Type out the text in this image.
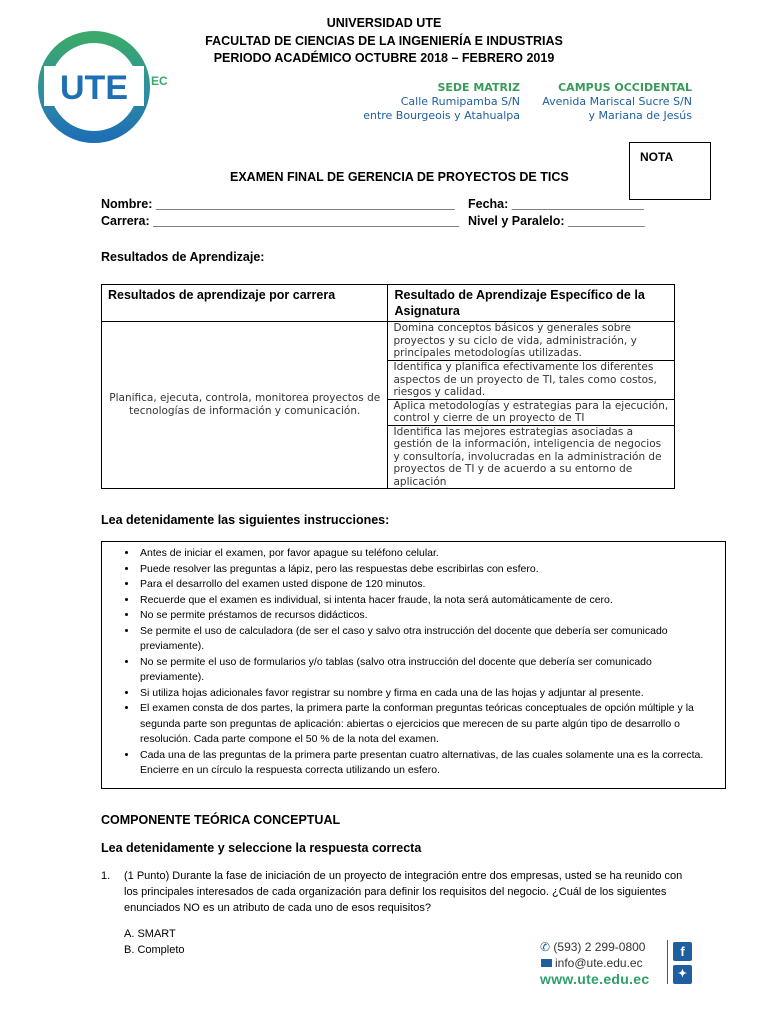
UTE EC
UNIVERSIDAD UTE
FACULTAD DE CIENCIAS DE LA INGENIERÍA E INDUSTRIAS
PERIODO ACADÉMICO OCTUBRE 2018 – FEBRERO 2019
SEDE MATRIZ
Calle Rumipamba S/N
entre Bourgeois y Atahualpa
CAMPUS OCCIDENTAL
Avenida Mariscal Sucre S/N
y Mariana de Jesús
NOTA
EXAMEN FINAL DE GERENCIA DE PROYECTOS DE TICS
Nombre: ___________________________________________ Fecha: ___________________
Carrera: ____________________________________________ Nivel y Paralelo: ___________
Resultados de Aprendizaje:
Resultados de aprendizaje por carrera	Resultado de Aprendizaje Específico de la Asignatura
Planifica, ejecuta, controla, monitorea proyectos de tecnologías de información y comunicación.	Domina conceptos básicos y generales sobre proyectos y su ciclo de vida, administración, y principales metodologías utilizadas.
	Identifica y planifica efectivamente los diferentes aspectos de un proyecto de TI, tales como costos, riesgos y calidad.
	Aplica metodologías y estrategias para la ejecución, control y cierre de un proyecto de TI
	Identifica las mejores estrategias asociadas a gestión de la información, inteligencia de negocios y consultoría, involucradas en la administración de proyectos de TI y de acuerdo a su entorno de aplicación
Lea detenidamente las siguientes instrucciones:
• Antes de iniciar el examen, por favor apague su teléfono celular.
• Puede resolver las preguntas a lápiz, pero las respuestas debe escribirlas con esfero.
• Para el desarrollo del examen usted dispone de 120 minutos.
• Recuerde que el examen es individual, si intenta hacer fraude, la nota será automáticamente de cero.
• No se permite préstamos de recursos didácticos.
• Se permite el uso de calculadora (de ser el caso y salvo otra instrucción del docente que debería ser comunicado previamente).
• No se permite el uso de formularios y/o tablas (salvo otra instrucción del docente que debería ser comunicado previamente).
• Si utiliza hojas adicionales favor registrar su nombre y firma en cada una de las hojas y adjuntar al presente.
• El examen consta de dos partes, la primera parte la conforman preguntas teóricas conceptuales de opción múltiple y la segunda parte son preguntas de aplicación: abiertas o ejercicios que merecen de su parte algún tipo de desarrollo o resolución. Cada parte compone el 50 % de la nota del examen.
• Cada una de las preguntas de la primera parte presentan cuatro alternativas, de las cuales solamente una es la correcta. Encierre en un círculo la respuesta correcta utilizando un esfero.
COMPONENTE TEÓRICA CONCEPTUAL
Lea detenidamente y seleccione la respuesta correcta
1. (1 Punto) Durante la fase de iniciación de un proyecto de integración entre dos empresas, usted se ha reunido con los principales interesados de cada organización para definir los requisitos del negocio. ¿Cuál de los siguientes enunciados NO es un atributo de cada uno de esos requisitos?
A. SMART
B. Completo	✆ (593) 2 299-0800
info@ute.edu.ec
www.ute.edu.ec
f
✦
